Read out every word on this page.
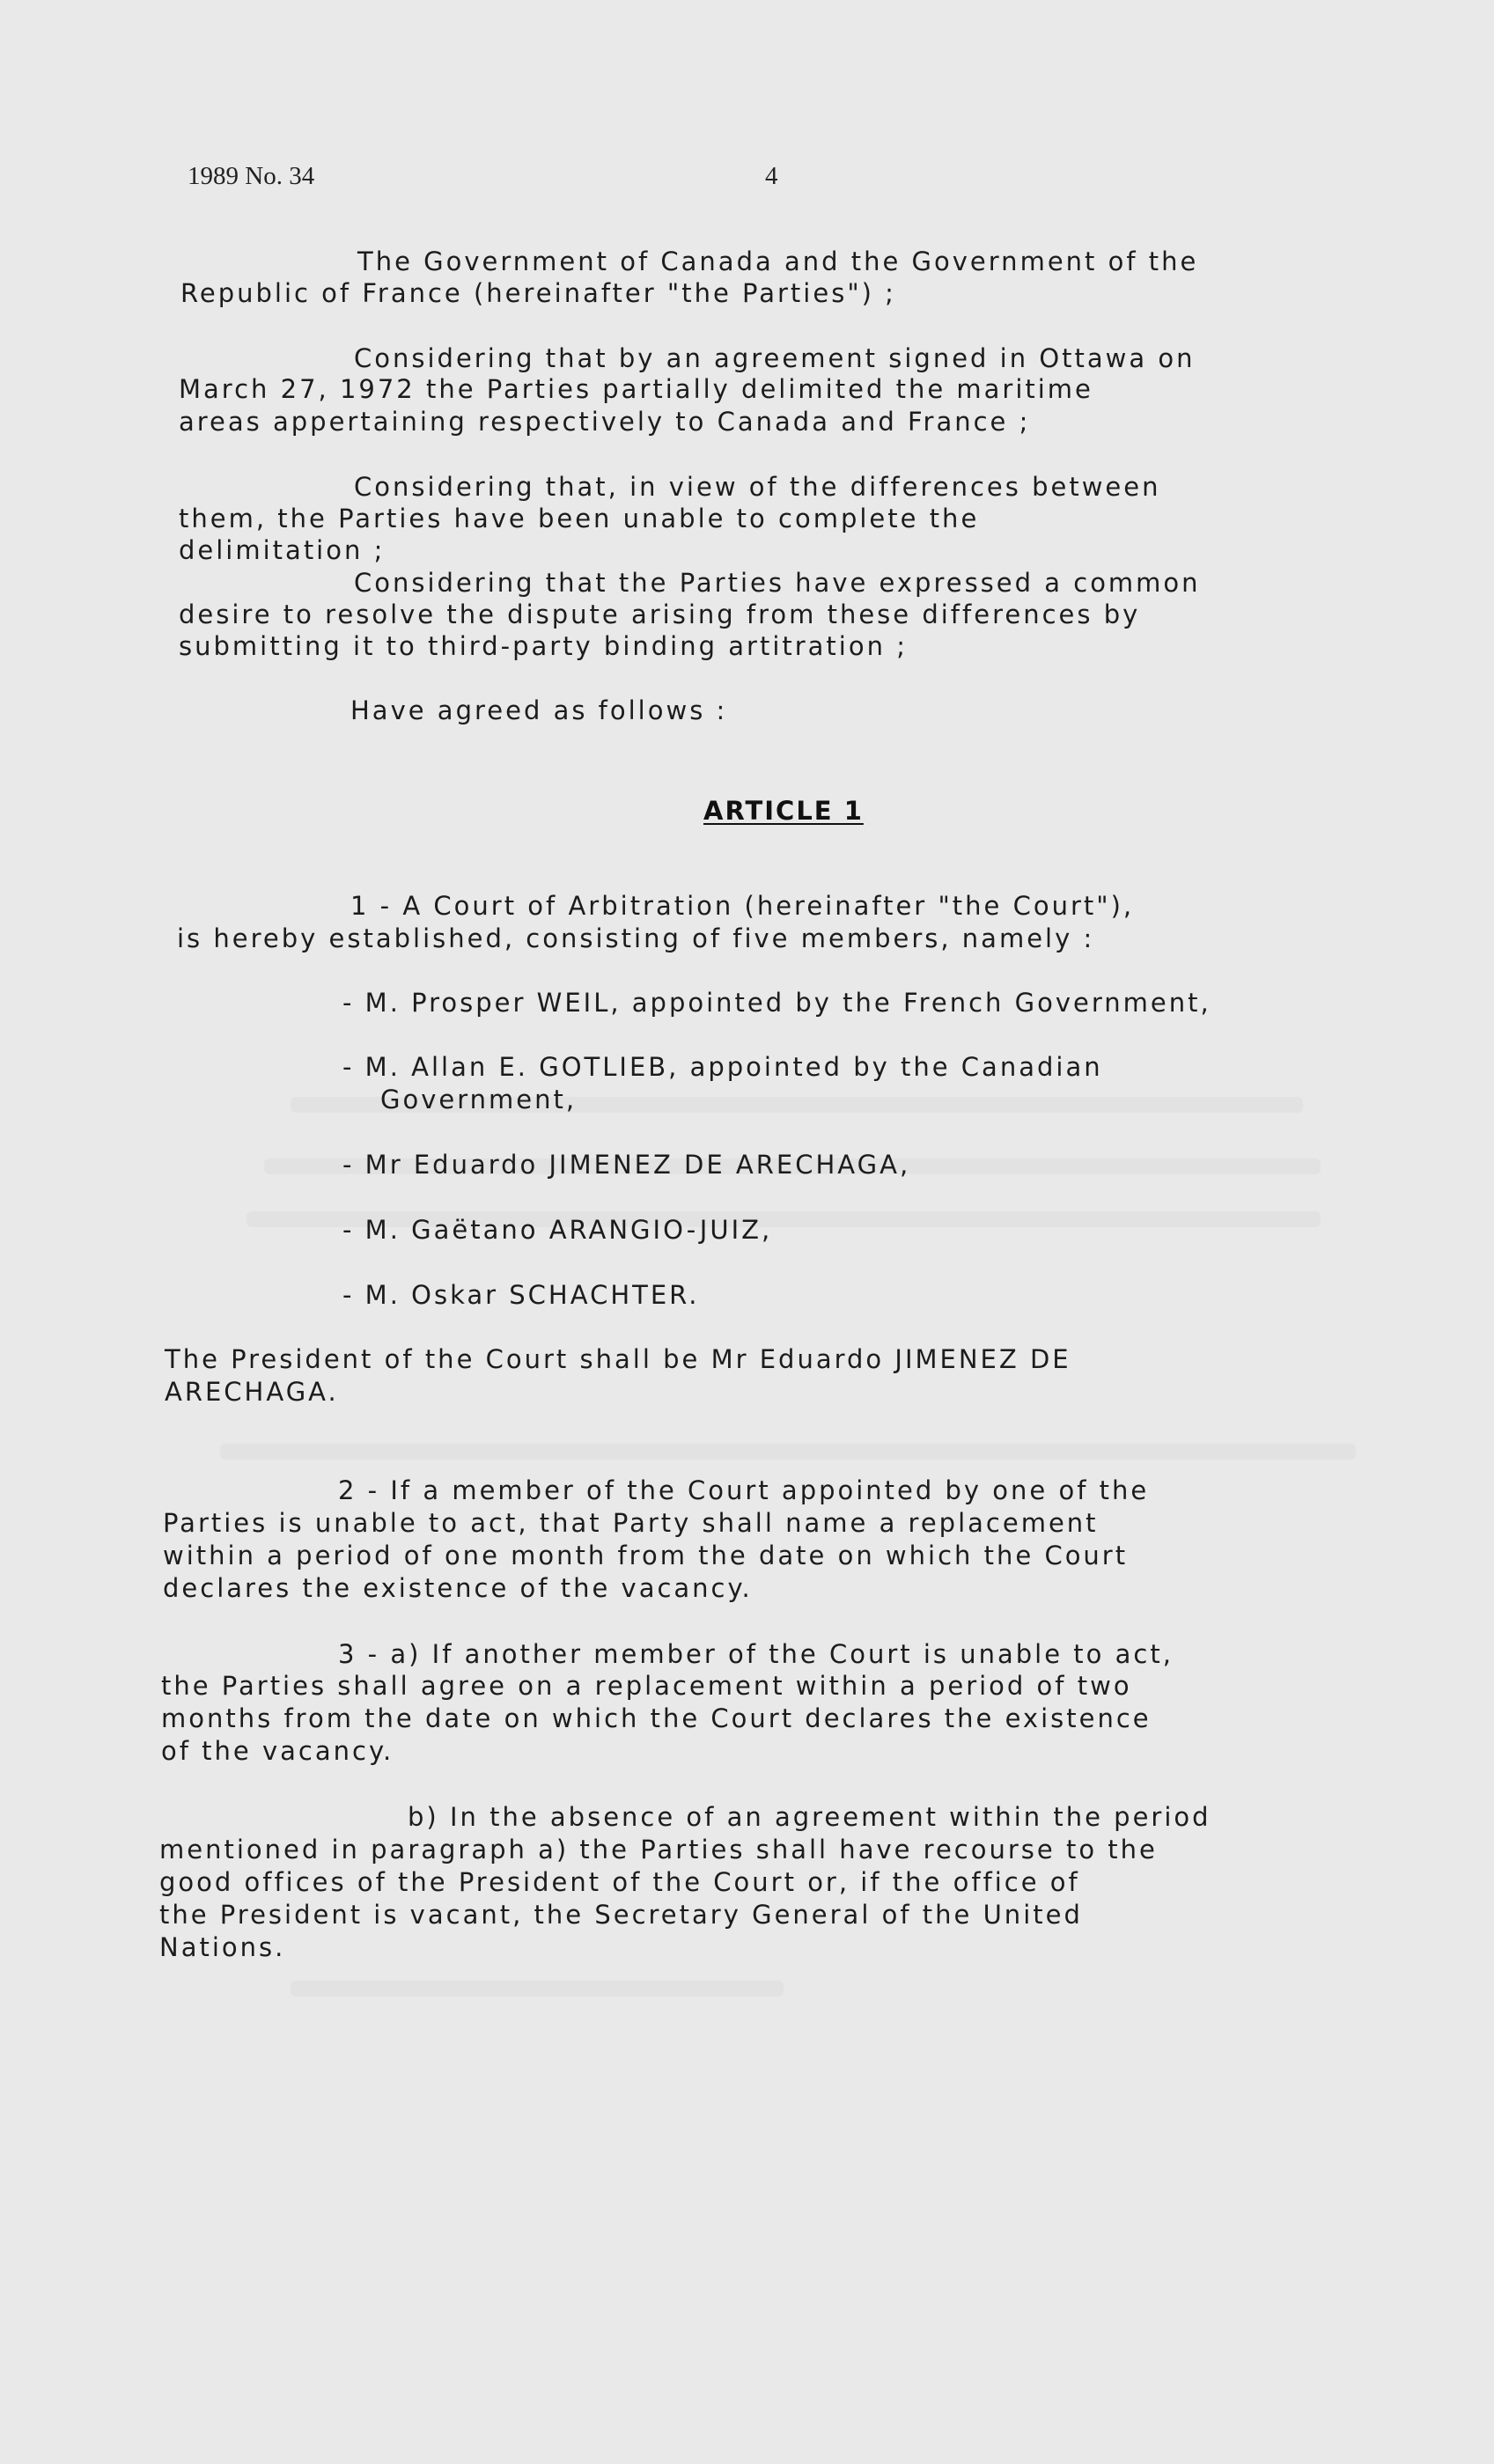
1989 No. 34	4

The Government of Canada and the Government of the

Republic of France (hereinafter "the Parties") ;

Considering that by an agreement signed in Ottawa on

March 27, 1972 the Parties partially delimited the maritime

areas appertaining respectively to Canada and France ;

Considering that, in view of the differences between

them, the Parties have been unable to complete the

delimitation ;

Considering that the Parties have expressed a common

desire to resolve the dispute arising from these differences by

submitting it to third-party binding artitration ;

Have agreed as follows :

ARTICLE 1

1 - A Court of Arbitration (hereinafter "the Court"),

is hereby established, consisting of five members, namely :

- M. Prosper WEIL, appointed by the French Government,

- M. Allan E. GOTLIEB, appointed by the Canadian

Government,

- Mr Eduardo JIMENEZ DE ARECHAGA,

- M. Gaëtano ARANGIO-JUIZ,

- M. Oskar SCHACHTER.

The President of the Court shall be Mr Eduardo JIMENEZ DE

ARECHAGA.

2 - If a member of the Court appointed by one of the

Parties is unable to act, that Party shall name a replacement

within a period of one month from the date on which the Court

declares the existence of the vacancy.

3 - a) If another member of the Court is unable to act,

the Parties shall agree on a replacement within a period of two

months from the date on which the Court declares the existence

of the vacancy.

b) In the absence of an agreement within the period

mentioned in paragraph a) the Parties shall have recourse to the

good offices of the President of the Court or, if the office of

the President is vacant, the Secretary General of the United

Nations.
